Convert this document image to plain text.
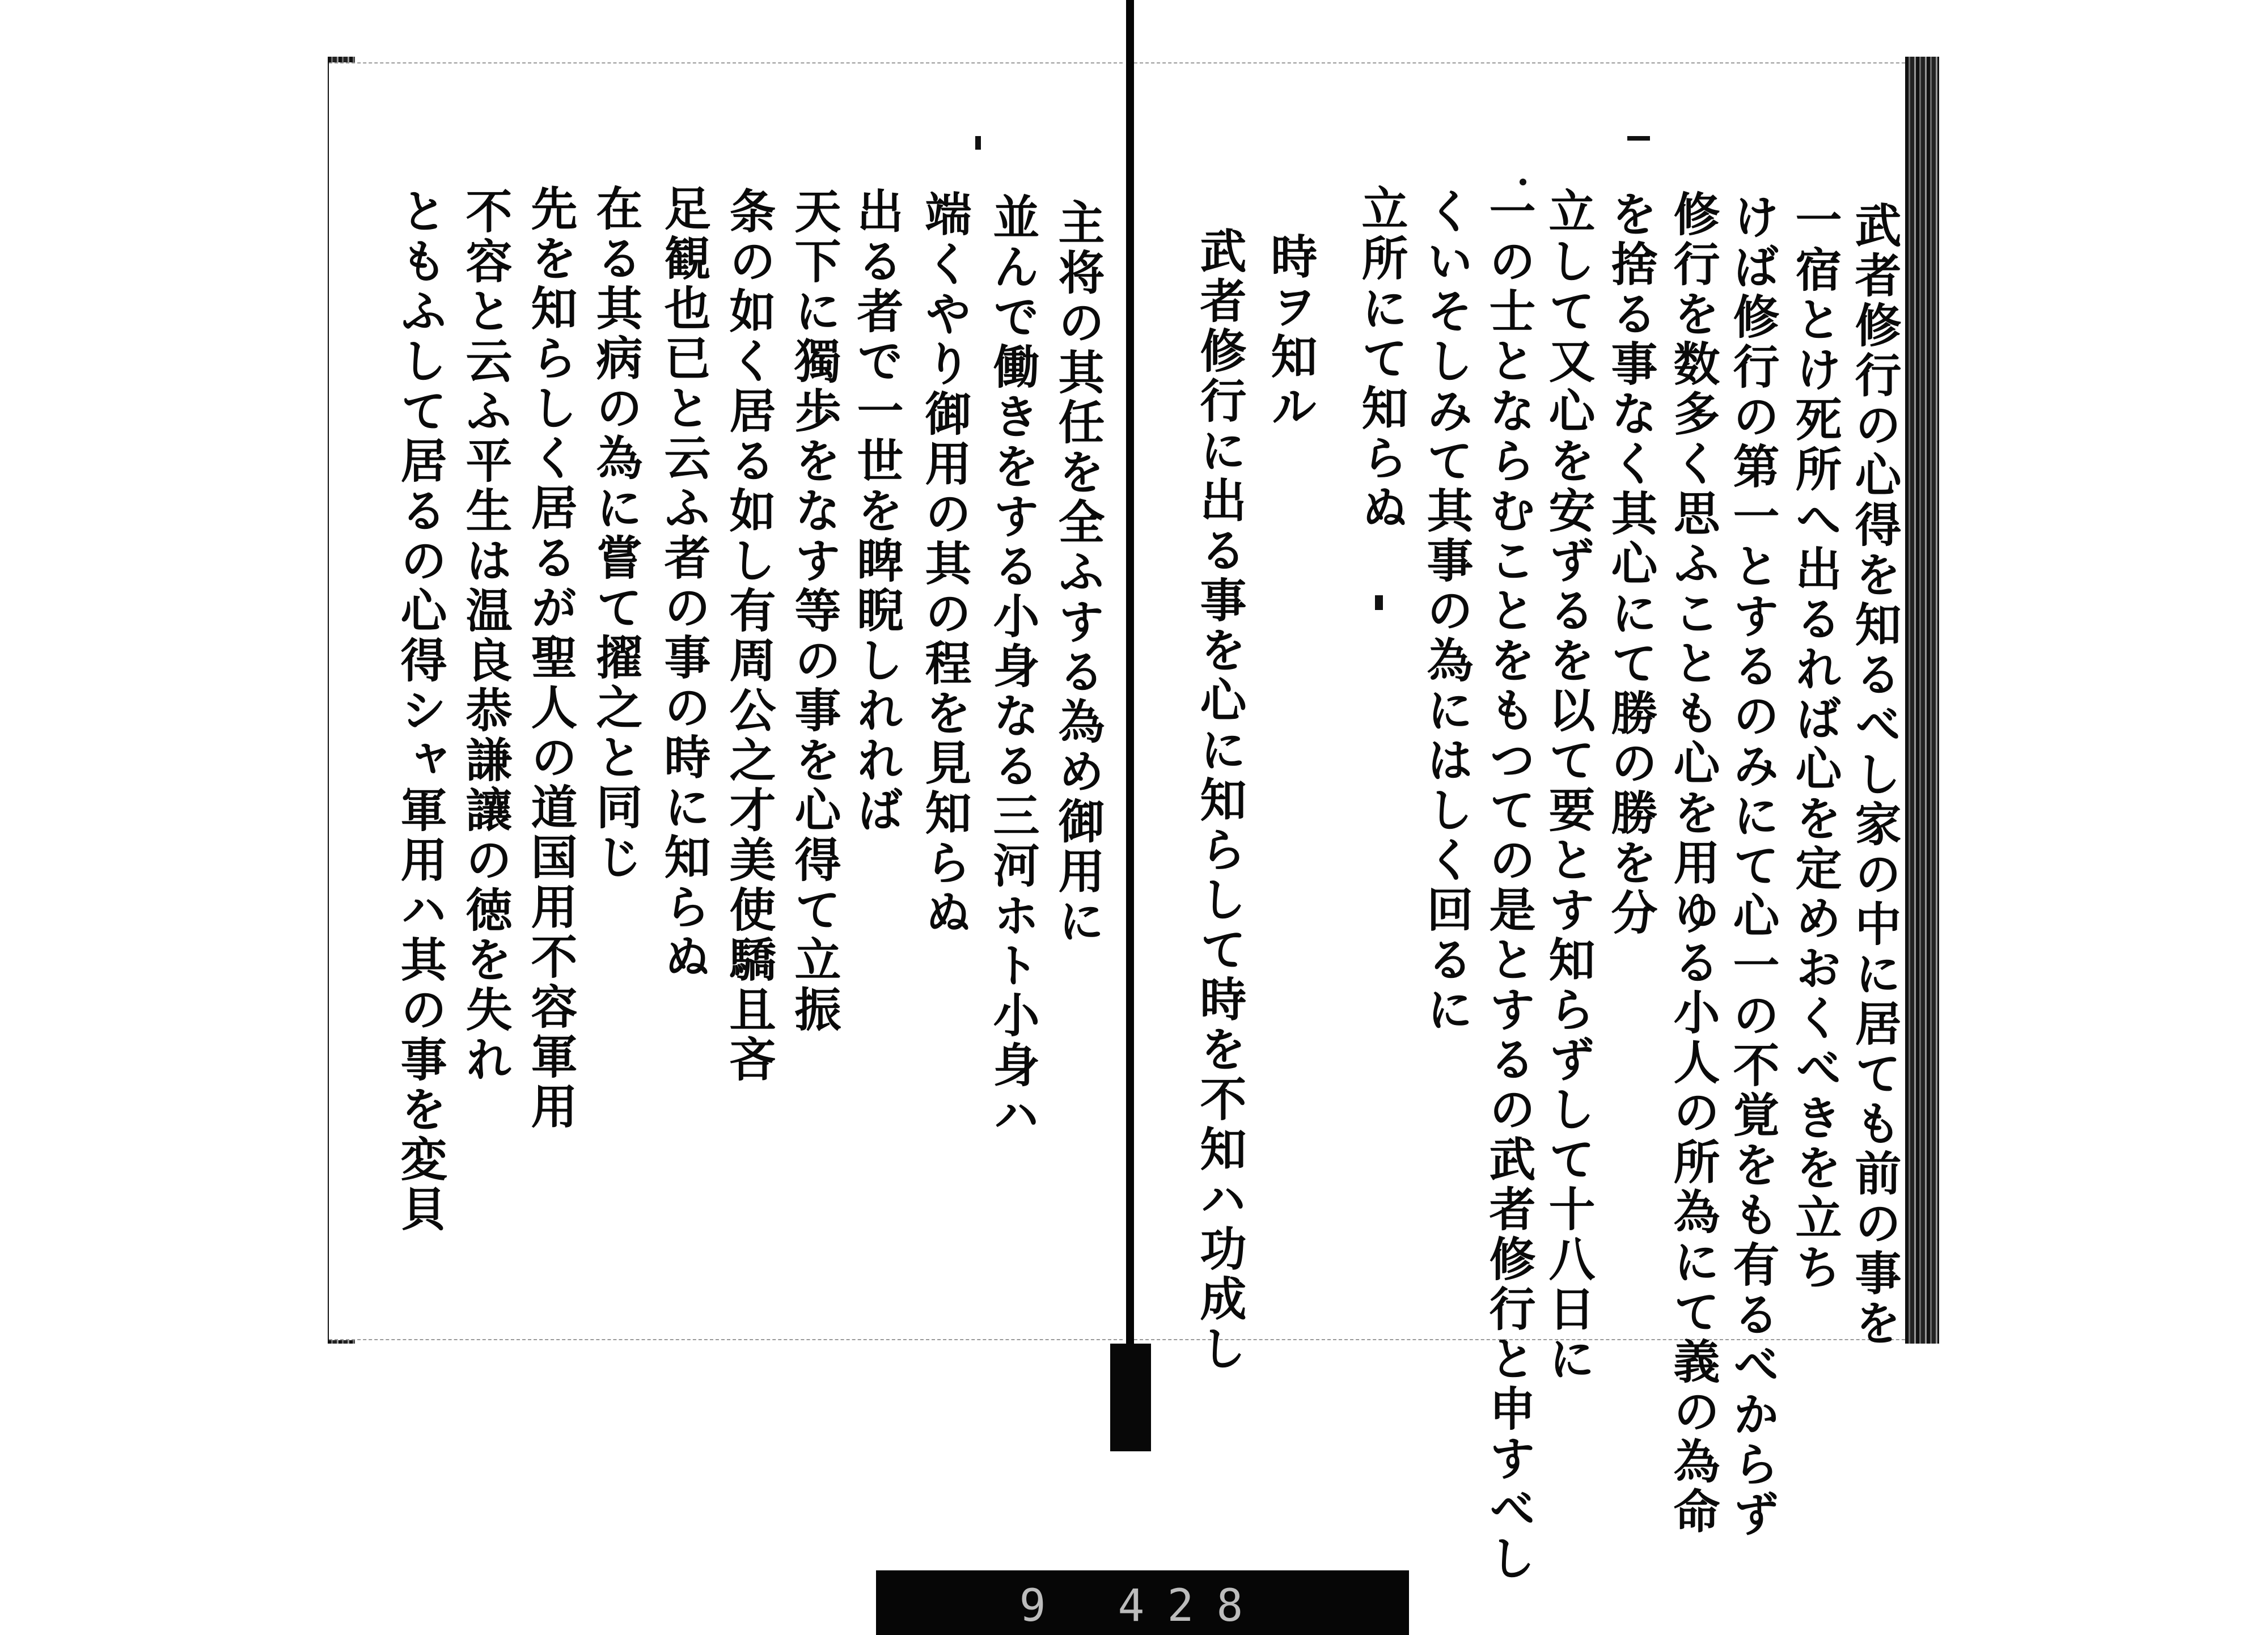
武者修行の心得を知るべし家の中に居ても前の事を
一宿とけ死所へ出るれば心を定めおくべきを立ち
けば修行の第一とするのみにて心一の不覚をも有るべからず
修行を数多く思ふことも心を用ゆる小人の所為にて義の為命
を捨る事なく其心にて勝の勝を分
立して又心を安ずるを以て要とす知らずして十八日に
一の士とならむことをもつての是とするの武者修行と申すべし
くいそしみて其事の為にはしく回るに
立所にて知らぬ
時ヲ知ル
武者修行に出る事を心に知らして時を不知ハ功成し
主将の其任を全ふする為め御用に
並んで働きをする小身なる三河ホト小身ハ
端くやり御用の其の程を見知らぬ
出る者で一世を睥睨しれれば
天下に獨歩をなす等の事を心得て立振
条の如く居る如し有周公之才美使驕且吝
足観也已と云ふ者の事の時に知らぬ
在る其病の為に嘗て擢之と同じ
先を知らしく居るが聖人の道国用不容軍用
不容と云ふ平生は温良恭謙讓の徳を失れ
ともふして居るの心得シャ軍用ハ其の事を変貝
9 428
